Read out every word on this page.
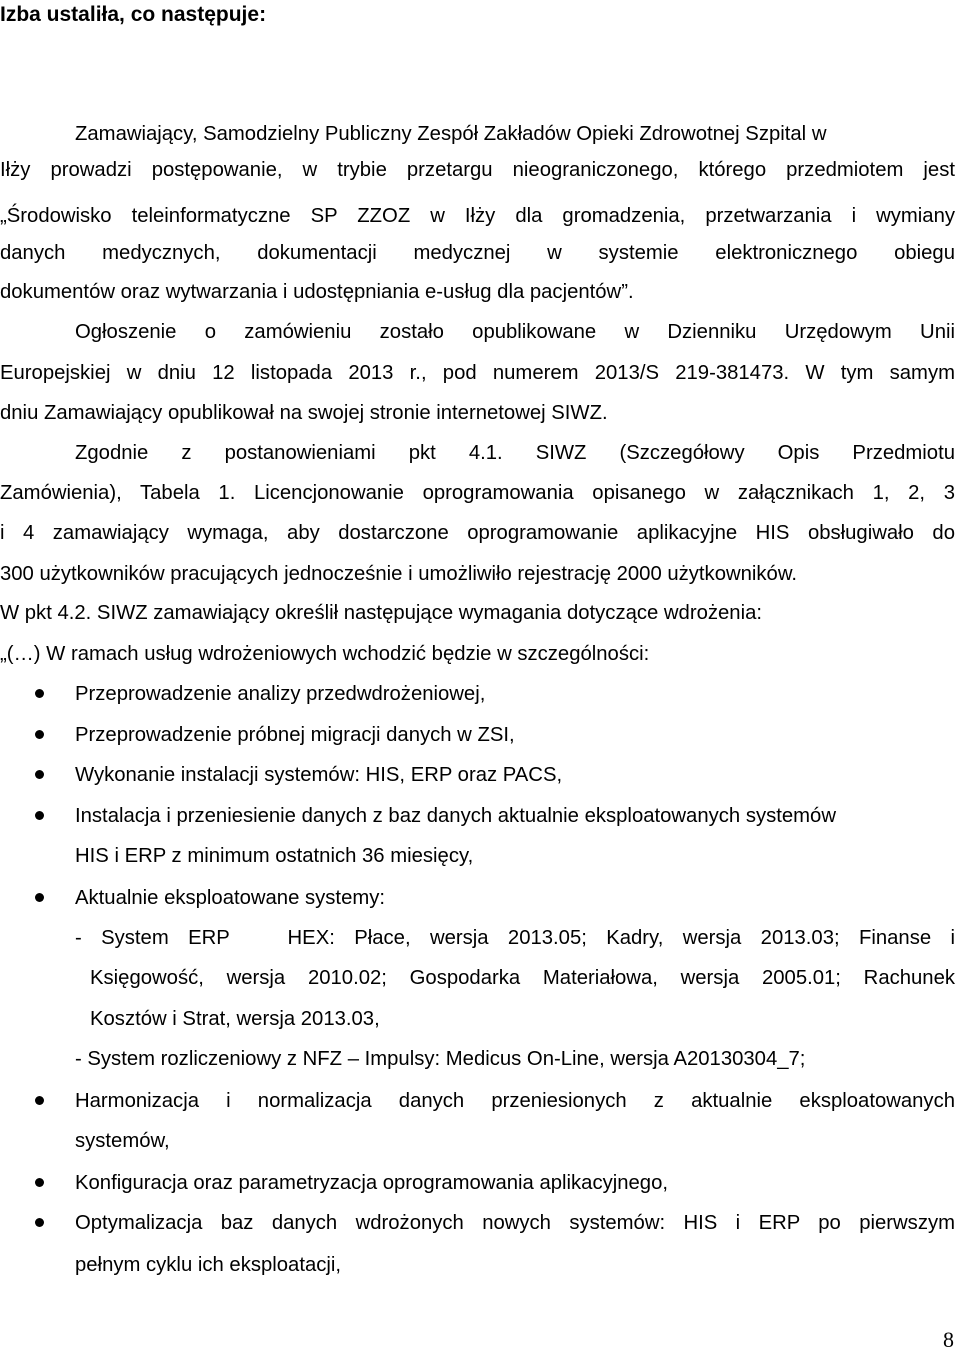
Izba ustaliła, co następuje:
Zamawiający, Samodzielny Publiczny Zespół Zakładów Opieki Zdrowotnej Szpital w
Iłży prowadzi postępowanie, w trybie przetargu nieograniczonego, którego przedmiotem jest
„Środowisko teleinformatyczne SP ZZOZ w Iłży dla gromadzenia, przetwarzania i wymiany
danych medycznych, dokumentacji medycznej w systemie elektronicznego obiegu
dokumentów oraz wytwarzania i udostępniania e-usług dla pacjentów”.
Ogłoszenie o zamówieniu zostało opublikowane w Dzienniku Urzędowym Unii
Europejskiej w dniu 12 listopada 2013 r., pod numerem 2013/S 219-381473. W tym samym
dniu Zamawiający opublikował na swojej stronie internetowej SIWZ.
Zgodnie z postanowieniami pkt 4.1. SIWZ (Szczegółowy Opis Przedmiotu
Zamówienia), Tabela 1. Licencjonowanie oprogramowania opisanego w załącznikach 1, 2, 3
i 4 zamawiający wymaga, aby dostarczone oprogramowanie aplikacyjne HIS obsługiwało do
300 użytkowników pracujących jednocześnie i umożliwiło rejestrację 2000 użytkowników.
W pkt 4.2. SIWZ zamawiający określił następujące wymagania dotyczące wdrożenia:
„(…) W ramach usług wdrożeniowych wchodzić będzie w szczególności:
Przeprowadzenie analizy przedwdrożeniowej,
Przeprowadzenie próbnej migracji danych w ZSI,
Wykonanie instalacji systemów: HIS, ERP oraz PACS,
Instalacja i przeniesienie danych z baz danych aktualnie eksploatowanych systemów
HIS i ERP z minimum ostatnich 36 miesięcy,
Aktualnie eksploatowane systemy:
- System ERP   HEX: Płace, wersja 2013.05; Kadry, wersja 2013.03; Finanse i
Księgowość, wersja 2010.02; Gospodarka Materiałowa, wersja 2005.01; Rachunek
Kosztów i Strat, wersja 2013.03,
- System rozliczeniowy z NFZ – Impulsy: Medicus On-Line, wersja A20130304_7;
Harmonizacja i normalizacja danych przeniesionych z aktualnie eksploatowanych
systemów,
Konfiguracja oraz parametryzacja oprogramowania aplikacyjnego,
Optymalizacja baz danych wdrożonych nowych systemów: HIS i ERP po pierwszym
pełnym cyklu ich eksploatacji,
8
